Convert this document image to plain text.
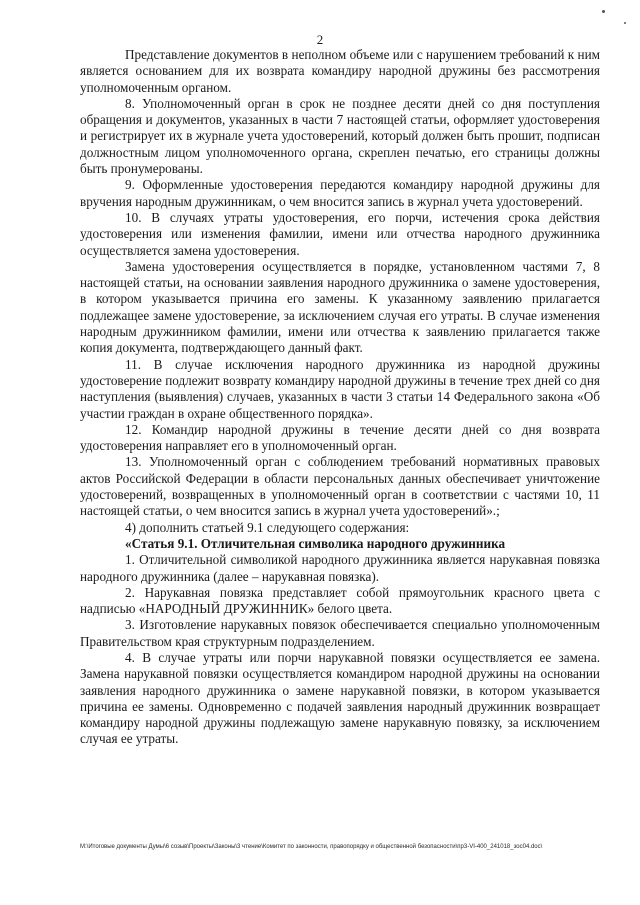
2

Представление документов в неполном объеме или с нарушением требований к ним является основанием для их возврата командиру народной дружины без рассмотрения уполномоченным органом.

8. Уполномоченный орган в срок не позднее десяти дней со дня поступления обращения и документов, указанных в части 7 настоящей статьи, оформляет удостоверения и регистрирует их в журнале учета удостоверений, который должен быть прошит, подписан должностным лицом уполномоченного органа, скреплен печатью, его страницы должны быть пронумерованы.

9. Оформленные удостоверения передаются командиру народной дружины для вручения народным дружинникам, о чем вносится запись в журнал учета удостоверений.

10. В случаях утраты удостоверения, его порчи, истечения срока действия удостоверения или изменения фамилии, имени или отчества народного дружинника осуществляется замена удостоверения.

Замена удостоверения осуществляется в порядке, установленном частями 7, 8 настоящей статьи, на основании заявления народного дружинника о замене удостоверения, в котором указывается причина его замены. К указанному заявлению прилагается подлежащее замене удостоверение, за исключением случая его утраты. В случае изменения народным дружинником фамилии, имени или отчества к заявлению прилагается также копия документа, подтверждающего данный факт.

11. В случае исключения народного дружинника из народной дружины удостоверение подлежит возврату командиру народной дружины в течение трех дней со дня наступления (выявления) случаев, указанных в части 3 статьи 14 Федерального закона «Об участии граждан в охране общественного порядка».

12. Командир народной дружины в течение десяти дней со дня возврата удостоверения направляет его в уполномоченный орган.

13. Уполномоченный орган с соблюдением требований нормативных правовых актов Российской Федерации в области персональных данных обеспечивает уничтожение удостоверений, возвращенных в уполномоченный орган в соответствии с частями 10, 11 настоящей статьи, о чем вносится запись в журнал учета удостоверений».;

4) дополнить статьей 9.1 следующего содержания:

«Статья 9.1. Отличительная символика народного дружинника

1. Отличительной символикой народного дружинника является нарукавная повязка народного дружинника (далее – нарукавная повязка).

2. Нарукавная повязка представляет собой прямоугольник красного цвета с надписью «НАРОДНЫЙ ДРУЖИННИК» белого цвета.

3. Изготовление нарукавных повязок обеспечивается специально уполномоченным Правительством края структурным подразделением.

4. В случае утраты или порчи нарукавной повязки осуществляется ее замена. Замена нарукавной повязки осуществляется командиром народной дружины на основании заявления народного дружинника о замене нарукавной повязки, в котором указывается причина ее замены. Одновременно с подачей заявления народный дружинник возвращает командиру народной дружины подлежащую замене нарукавную повязку, за исключением случая ее утраты.

M:\Итоговые документы Думы\6 созыв\Проекты\Законы\3 чтение\Комитет по законности, правопорядку и общественной безопасности\пр3-VI-400_241018_зос04.doc\
